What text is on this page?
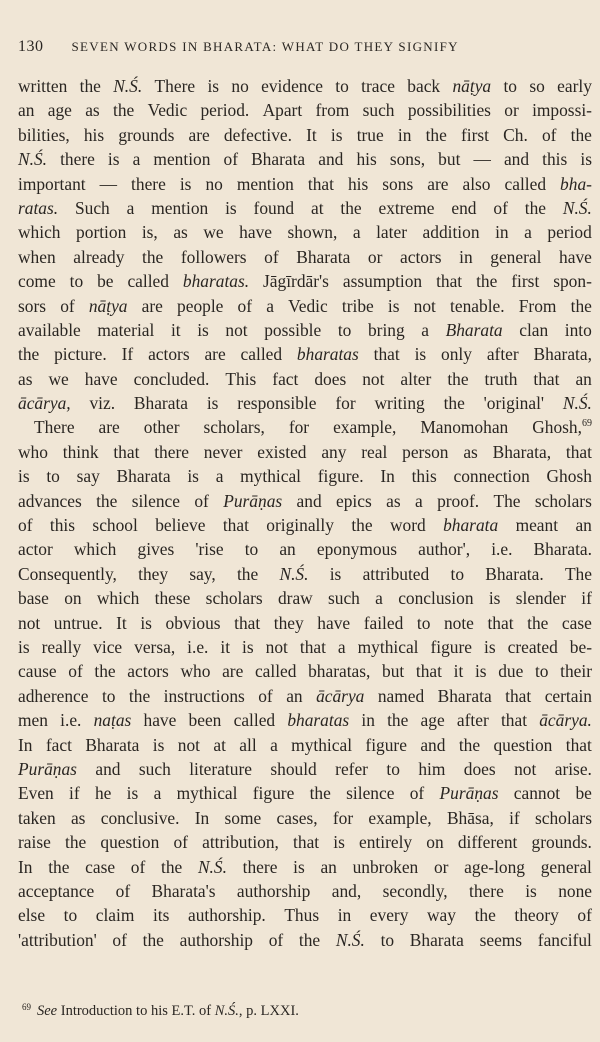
130 SEVEN WORDS IN BHARATA: WHAT DO THEY SIGNIFY
written the N.Ś. There is no evidence to trace back nāṭya to so early
an age as the Vedic period. Apart from such possibilities or impossi-
bilities, his grounds are defective. It is true in the first Ch. of the
N.Ś. there is a mention of Bharata and his sons, but — and this is
important — there is no mention that his sons are also called bha-
ratas. Such a mention is found at the extreme end of the N.Ś.
which portion is, as we have shown, a later addition in a period
when already the followers of Bharata or actors in general have
come to be called bharatas. Jāgīrdār's assumption that the first spon-
sors of nāṭya are people of a Vedic tribe is not tenable. From the
available material it is not possible to bring a Bharata clan into
the picture. If actors are called bharatas that is only after Bharata,
as we have concluded. This fact does not alter the truth that an
ācārya, viz. Bharata is responsible for writing the 'original' N.Ś.
There are other scholars, for example, Manomohan Ghosh,$^{69}$
who think that there never existed any real person as Bharata, that
is to say Bharata is a mythical figure. In this connection Ghosh
advances the silence of Purāṇas and epics as a proof. The scholars
of this school believe that originally the word bharata meant an
actor which gives 'rise to an eponymous author', i.e. Bharata.
Consequently, they say, the N.Ś. is attributed to Bharata. The
base on which these scholars draw such a conclusion is slender if
not untrue. It is obvious that they have failed to note that the case
is really vice versa, i.e. it is not that a mythical figure is created be-
cause of the actors who are called bharatas, but that it is due to their
adherence to the instructions of an ācārya named Bharata that certain
men i.e. naṭas have been called bharatas in the age after that ācārya.
In fact Bharata is not at all a mythical figure and the question that
Purāṇas and such literature should refer to him does not arise.
Even if he is a mythical figure the silence of Purāṇas cannot be
taken as conclusive. In some cases, for example, Bhāsa, if scholars
raise the question of attribution, that is entirely on different grounds.
In the case of the N.Ś. there is an unbroken or age-long general
acceptance of Bharata's authorship and, secondly, there is none
else to claim its authorship. Thus in every way the theory of
'attribution' of the authorship of the N.Ś. to Bharata seems fanciful
$^{69}$ See Introduction to his E.T. of N.Ś., p. LXXI.
